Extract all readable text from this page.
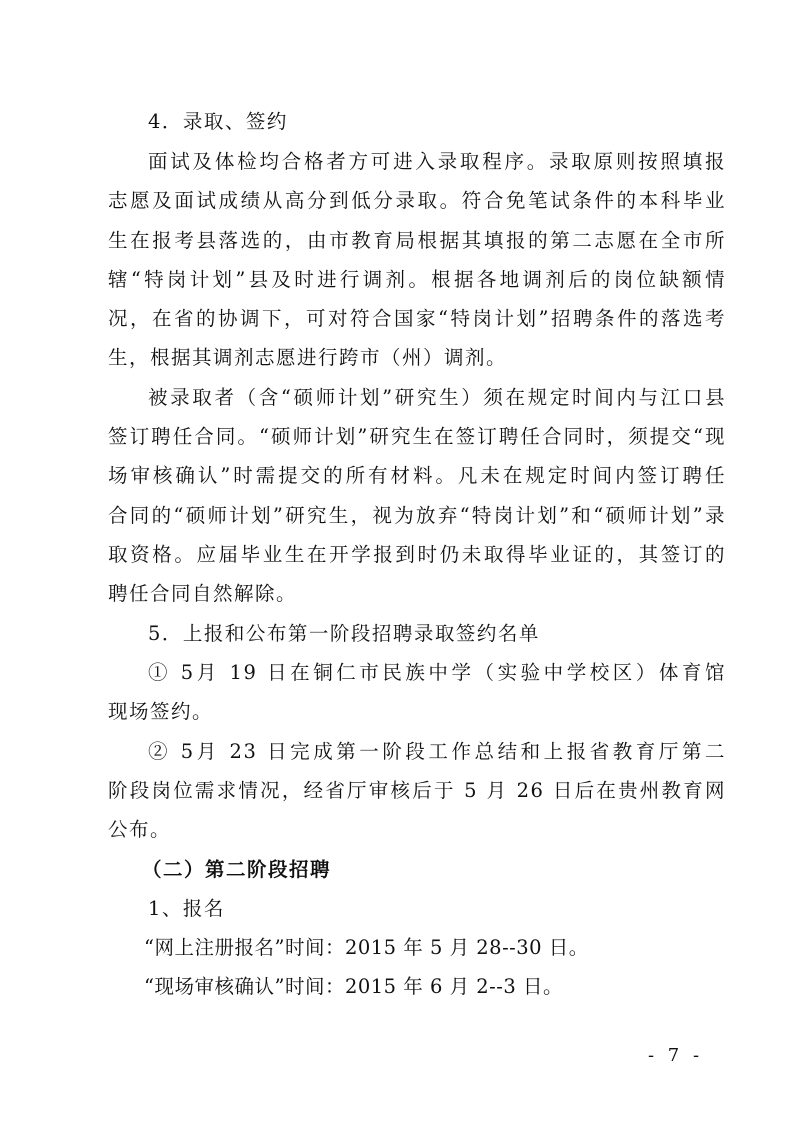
4．录取、签约
面试及体检均合格者方可进入录取程序。录取原则按照填报
志愿及面试成绩从高分到低分录取。符合免笔试条件的本科毕业
生在报考县落选的，由市教育局根据其填报的第二志愿在全市所
辖“特岗计划”县及时进行调剂。根据各地调剂后的岗位缺额情
况，在省的协调下，可对符合国家“特岗计划”招聘条件的落选考
生，根据其调剂志愿进行跨市（州）调剂。
被录取者（含“硕师计划”研究生）须在规定时间内与江口县
签订聘任合同。“硕师计划”研究生在签订聘任合同时，须提交“现
场审核确认”时需提交的所有材料。凡未在规定时间内签订聘任
合同的“硕师计划”研究生，视为放弃“特岗计划”和“硕师计划”录
取资格。应届毕业生在开学报到时仍未取得毕业证的，其签订的
聘任合同自然解除。
5．上报和公布第一阶段招聘录取签约名单
① 5月 19 日在铜仁市民族中学（实验中学校区）体育馆
现场签约。
② 5月 23 日完成第一阶段工作总结和上报省教育厅第二
阶段岗位需求情况，经省厅审核后于 5 月 26 日后在贵州教育网
公布。
（二）第二阶段招聘
1、报名
“网上注册报名”时间：2015 年 5 月 28--30 日。
“现场审核确认”时间：2015 年 6 月 2--3 日。
- 7 -
